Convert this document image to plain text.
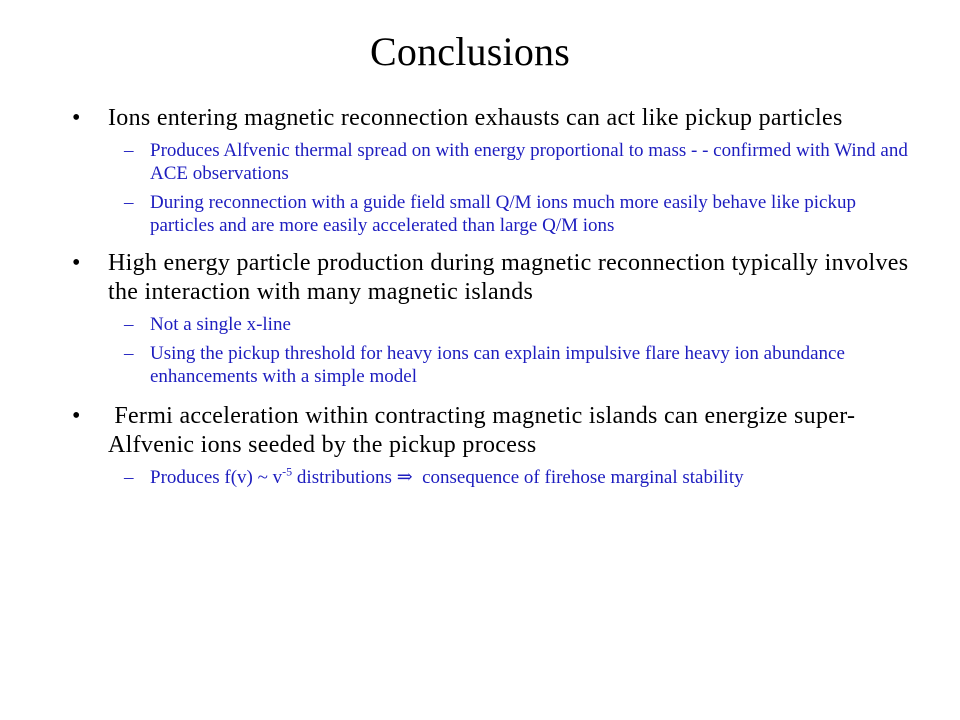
Conclusions
•	Ions entering magnetic reconnection exhausts can act like pickup particles
– Produces Alfvenic thermal spread on with energy proportional to mass - - confirmed with Wind and ACE observations
– During reconnection with a guide field small Q/M ions much more easily behave like pickup particles and are more easily accelerated than large Q/M ions
•	High energy particle production during magnetic reconnection typically involves the interaction with many magnetic islands
– Not a single x-line
– Using the pickup threshold for heavy ions can explain impulsive flare heavy ion abundance enhancements with a simple model
•	Fermi acceleration within contracting magnetic islands can energize super-Alfvenic ions seeded by the pickup process
– Produces f(v) ~ $v^{-5}$ distributions ⇒  consequence of firehose marginal stability
